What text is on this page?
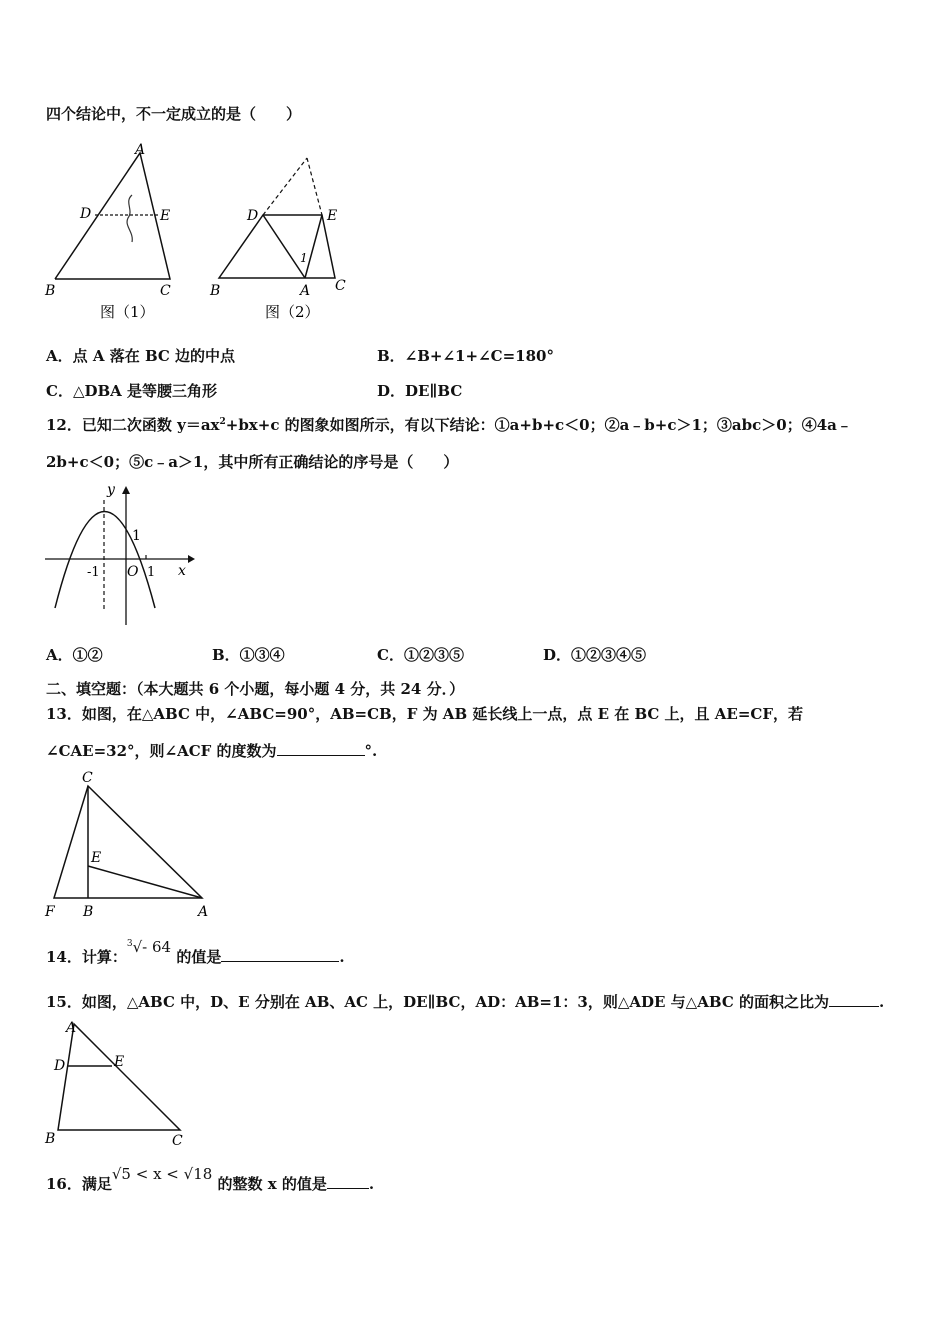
四个结论中，不一定成立的是（　　）
A
D	E
B	C
图（1）
D	E
1
B	A C
图（2）
A．点 A 落在 BC 边的中点	B．∠B+∠1+∠C=180°
C．△DBA 是等腰三角形	D．DE∥BC
12．已知二次函数 $y=ax^2+bx+c$ 的图象如图所示，有以下结论：①a+b+c＜0；②a﹣b+c＞1；③abc＞0；④4a﹣
2b+c＜0；⑤c﹣a＞1，其中所有正确结论的序号是（　　）
y
x
1
-1 O 1
A．①②	B．①③④	C．①②③⑤	D．①②③④⑤
二、填空题：（本大题共 6 个小题，每小题 4 分，共 24 分．）
13．如图，在△ABC 中，∠ABC=90°，AB=CB，F 为 AB 延长线上一点，点 E 在 BC 上，且 AE=CF，若
∠CAE=32°，则∠ACF 的度数为	°.
C
E
F B	A
14．计算：$^3$√- 64 的值是	.
15．如图，△ABC 中，D、E 分别在 AB、AC 上，DE∥BC，AD：AB=1：3，则△ADE 与△ABC 的面积之比为	.
A
D	E
B	C
16．满足√5 < x < √18 的整数 x 的值是	.
